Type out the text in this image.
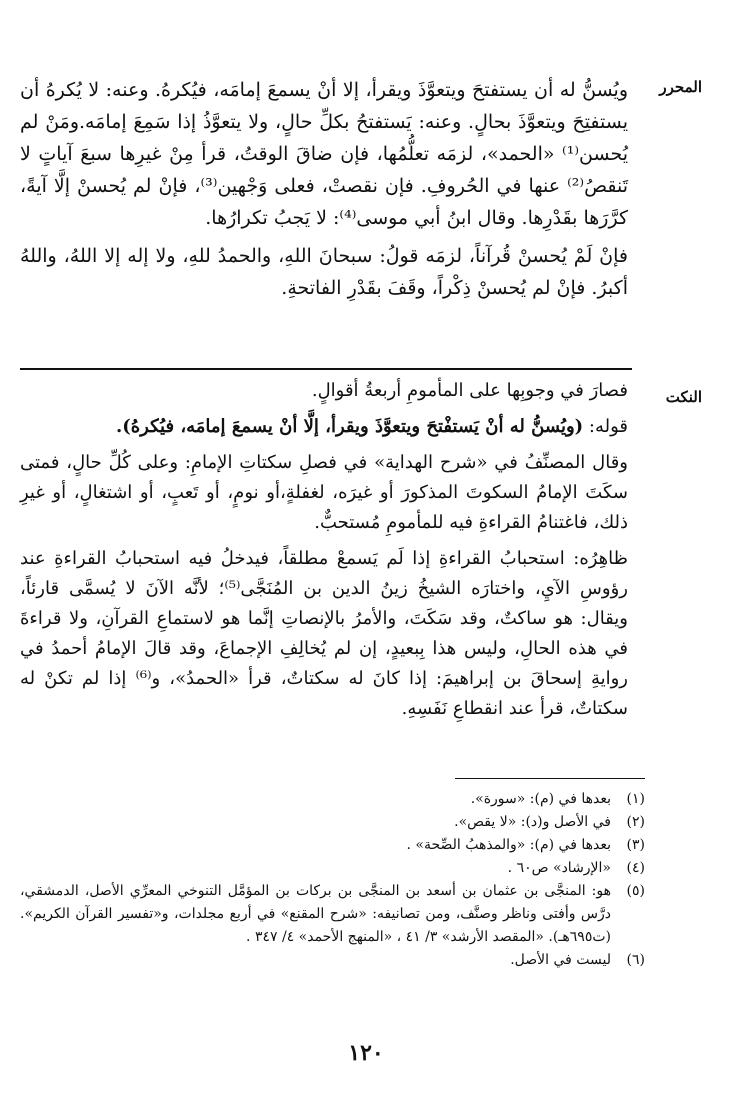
المحرر

ويُسنُّ له أن يستفتحَ ويتعوَّذَ ويقرأ، إلا أنْ يسمعَ إمامَه، فيُكرهُ. وعنه: لا يُكرهُ أن يستفتِحَ ويتعوَّذَ بحالٍ. وعنه: يَستفتحُ بكلِّ حالٍ، ولا يتعوَّذُ إذا سَمِعَ إمامَه.ومَنْ لم يُحسن⁽¹⁾ «الحمد»، لزمَه تعلُّمُها، فإن ضاقَ الوقتُ، قرأ مِنْ غيرِها سبعَ آياتٍ لا تَنقصُ⁽²⁾ عنها في الحُروفِ. فإن نقصتْ، فعلى وَجْهين⁽³⁾، فإنْ لم يُحسنْ إلَّا آيةً، كرَّرَها بقَدْرِها. وقال ابنُ أبي موسى⁽⁴⁾: لا يَجبُ تكرارُها.

فإنْ لَمْ يُحسنْ قُرآناً، لزمَه قولُ: سبحانَ اللهِ، والحمدُ للهِ، ولا إله إلا اللهُ، واللهُ أكبرُ. فإنْ لم يُحسنْ ذِكْراً، وقَفَ بقَدْرِ الفاتحةِ.

النكت

فصارَ في وجوبِها على المأمومِ أربعةُ أقوالٍ.

قوله: (ويُسنُّ له أنْ يَستفْتحَ ويتعوَّذَ ويقرأ، إلَّا أنْ يسمعَ إمامَه، فيُكرهُ).

وقال المصنِّفُ في «شرح الهداية» في فصلِ سكتاتِ الإمامِ: وعلى كُلِّ حالٍ، فمتى سكَتَ الإمامُ السكوتَ المذكورَ أو غيرَه، لغفلةٍ،أو نومٍ، أو تَعبٍ، أو اشتغالٍ، أو غيرِ ذلك، فاغتنامُ القراءةِ فيه للمأمومِ مُستحبٌّ.

ظاهِرُه: استحبابُ القراءةِ إذا لَم يَسمعْ مطلقاً، فيدخلُ فيه استحبابُ القراءةِ عند رؤوسِ الآيِ، واختارَه الشيخُ زينُ الدين بن المُنَجَّى⁽⁵⁾؛ لأنَّه الآنَ لا يُسمَّى قارئاً، ويقال: هو ساكتٌ، وقد سَكَتَ، والأمرُ بالإنصاتِ إنَّما هو لاستماعِ القرآنِ، ولا قراءةَ في هذه الحالِ، وليس هذا بِبعيدٍ، إن لم يُخالِفِ الإجماعَ، وقد قالَ الإمامُ أحمدُ في روايةِ إسحاقَ بن إبراهيمَ: إذا كانَ له سكتاتٌ، قرأ «الحمدُ»، و⁽⁶⁾ إذا لم تكنْ له سكتاتٌ، قرأ عند انقطاعِ نَفَسِهِ.

(١)
بعدها في (م): «سورة».
(٢)
في الأصل و(د): «لا يقص».
(٣)
بعدها في (م): «والمذهبُ الصِّحة» .
(٤)
«الإرشاد» ص٦٠ .
(٥)
هو: المنجَّى بن عثمان بن أسعد بن المنجَّى بن بركات بن المؤمَّل التنوخي المعرِّي الأصل، الدمشقي، درَّس وأفتى وناظر وصنَّف، ومن تصانيفه: «شرح المقنع» في أربع مجلدات، و«تفسير القرآن الكريم». (ت٦٩٥هـ). «المقصد الأرشد» ٣/ ٤١ ، «المنهج الأحمد» ٤/ ٣٤٧ .
(٦)
ليست في الأصل.
١٢٠
